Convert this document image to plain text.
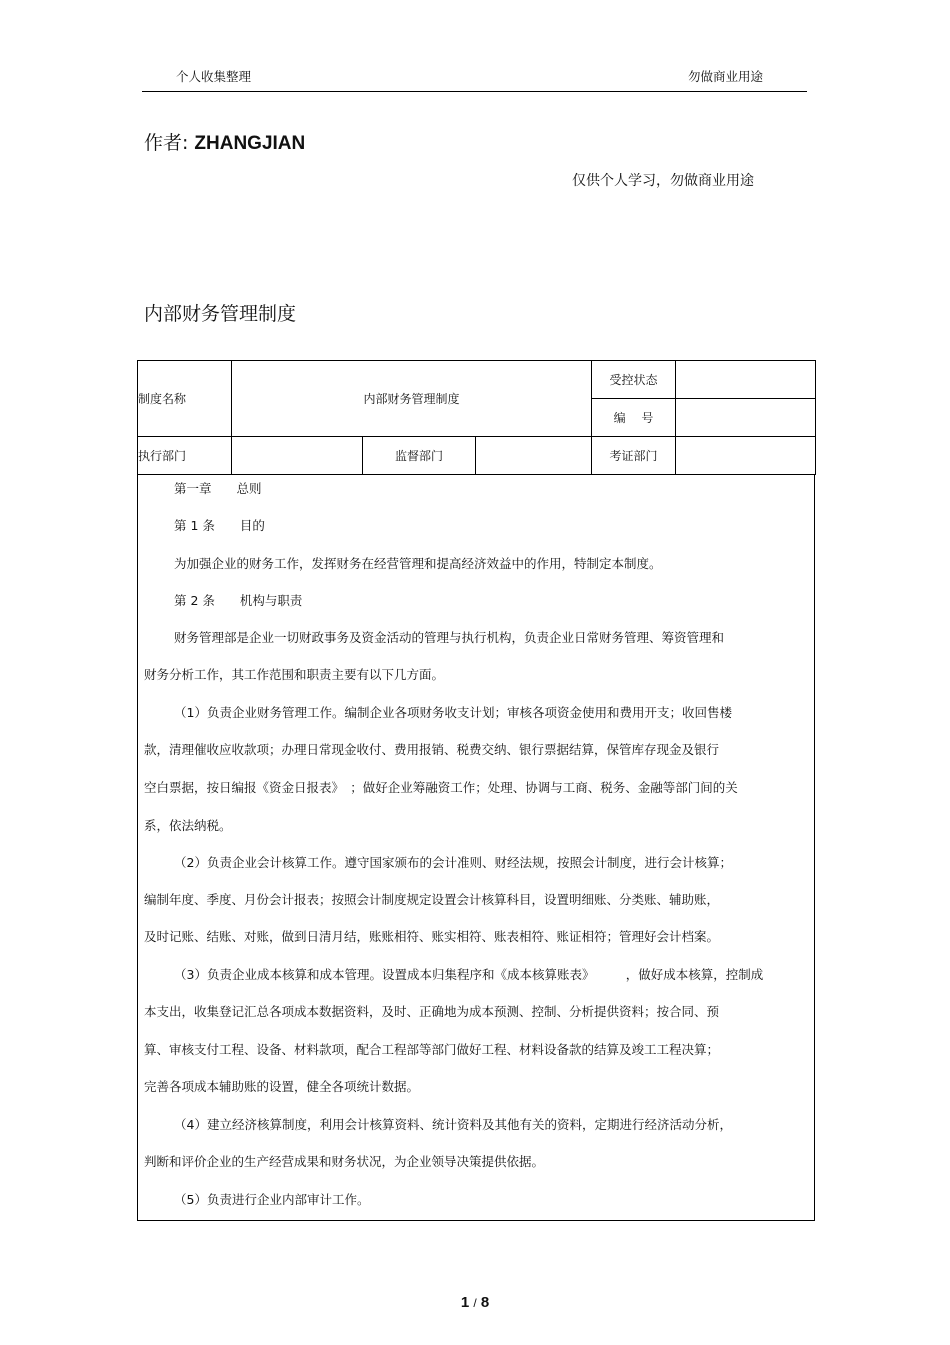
个人收集整理	勿做商业用途
作者: ZHANGJIAN
仅供个人学习，勿做商业用途
内部财务管理制度
制度名称	内部财务管理制度			受控状态	
				编　 号	
执行部门		监督部门		考证部门	
第一章　　总则
第 1 条　　目的
为加强企业的财务工作，发挥财务在经营管理和提高经济效益中的作用，特制定本制度。
第 2 条　　机构与职责
财务管理部是企业一切财政事务及资金活动的管理与执行机构，负责企业日常财务管理、筹资管理和
财务分析工作，其工作范围和职责主要有以下几方面。
（1）负责企业财务管理工作。编制企业各项财务收支计划；审核各项资金使用和费用开支；收回售楼
款，清理催收应收款项；办理日常现金收付、费用报销、税费交纳、银行票据结算，保管库存现金及银行
空白票据，按日编报《资金日报表》　；做好企业筹融资工作；处理、协调与工商、税务、金融等部门间的关
系，依法纳税。
（2）负责企业会计核算工作。遵守国家颁布的会计准则、财经法规，按照会计制度，进行会计核算；
编制年度、季度、月份会计报表；按照会计制度规定设置会计核算科目，设置明细账、分类账、辅助账，
及时记账、结账、对账，做到日清月结，账账相符、账实相符、账表相符、账证相符；管理好会计档案。
（3）负责企业成本核算和成本管理。设置成本归集程序和《成本核算账表》　　　，做好成本核算，控制成
本支出，收集登记汇总各项成本数据资料，及时、正确地为成本预测、控制、分析提供资料；按合同、预
算、审核支付工程、设备、材料款项，配合工程部等部门做好工程、材料设备款的结算及竣工工程决算；
完善各项成本辅助账的设置，健全各项统计数据。
（4）建立经济核算制度，利用会计核算资料、统计资料及其他有关的资料，定期进行经济活动分析，
判断和评价企业的生产经营成果和财务状况，为企业领导决策提供依据。
（5）负责进行企业内部审计工作。
1 / 8
